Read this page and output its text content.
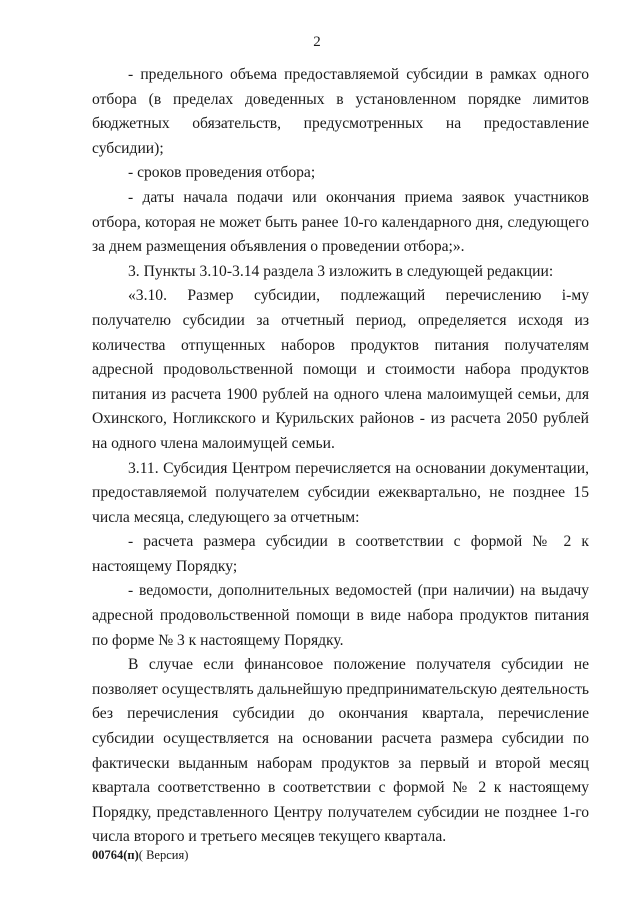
2

- предельного объема предоставляемой субсидии в рамках одного отбора (в пределах доведенных в установленном порядке лимитов бюджетных обязательств, предусмотренных на предоставление субсидии);

- сроков проведения отбора;

- даты начала подачи или окончания приема заявок участников отбора, которая не может быть ранее 10-го календарного дня, следующего за днем размещения объявления о проведении отбора;».

3. Пункты 3.10-3.14 раздела 3 изложить в следующей редакции:

«3.10. Размер субсидии, подлежащий перечислению i-му получателю субсидии за отчетный период, определяется исходя из количества отпущенных наборов продуктов питания получателям адресной продовольственной помощи и стоимости набора продуктов питания из расчета 1900 рублей на одного члена малоимущей семьи, для Охинского, Ногликского и Курильских районов - из расчета 2050 рублей на одного члена малоимущей семьи.

3.11. Субсидия Центром перечисляется на основании документации, предоставляемой получателем субсидии ежеквартально, не позднее 15 числа месяца, следующего за отчетным:

- расчета размера субсидии в соответствии с формой № 2 к настоящему Порядку;

- ведомости, дополнительных ведомостей (при наличии) на выдачу адресной продовольственной помощи в виде набора продуктов питания по форме № 3 к настоящему Порядку.

В случае если финансовое положение получателя субсидии не позволяет осуществлять дальнейшую предпринимательскую деятельность без перечисления субсидии до окончания квартала, перечисление субсидии осуществляется на основании расчета размера субсидии по фактически выданным наборам продуктов за первый и второй месяц квартала соответственно в соответствии с формой № 2 к настоящему Порядку, представленного Центру получателем субсидии не позднее 1-го числа второго и третьего месяцев текущего квартала.

00764(п)( Версия)
